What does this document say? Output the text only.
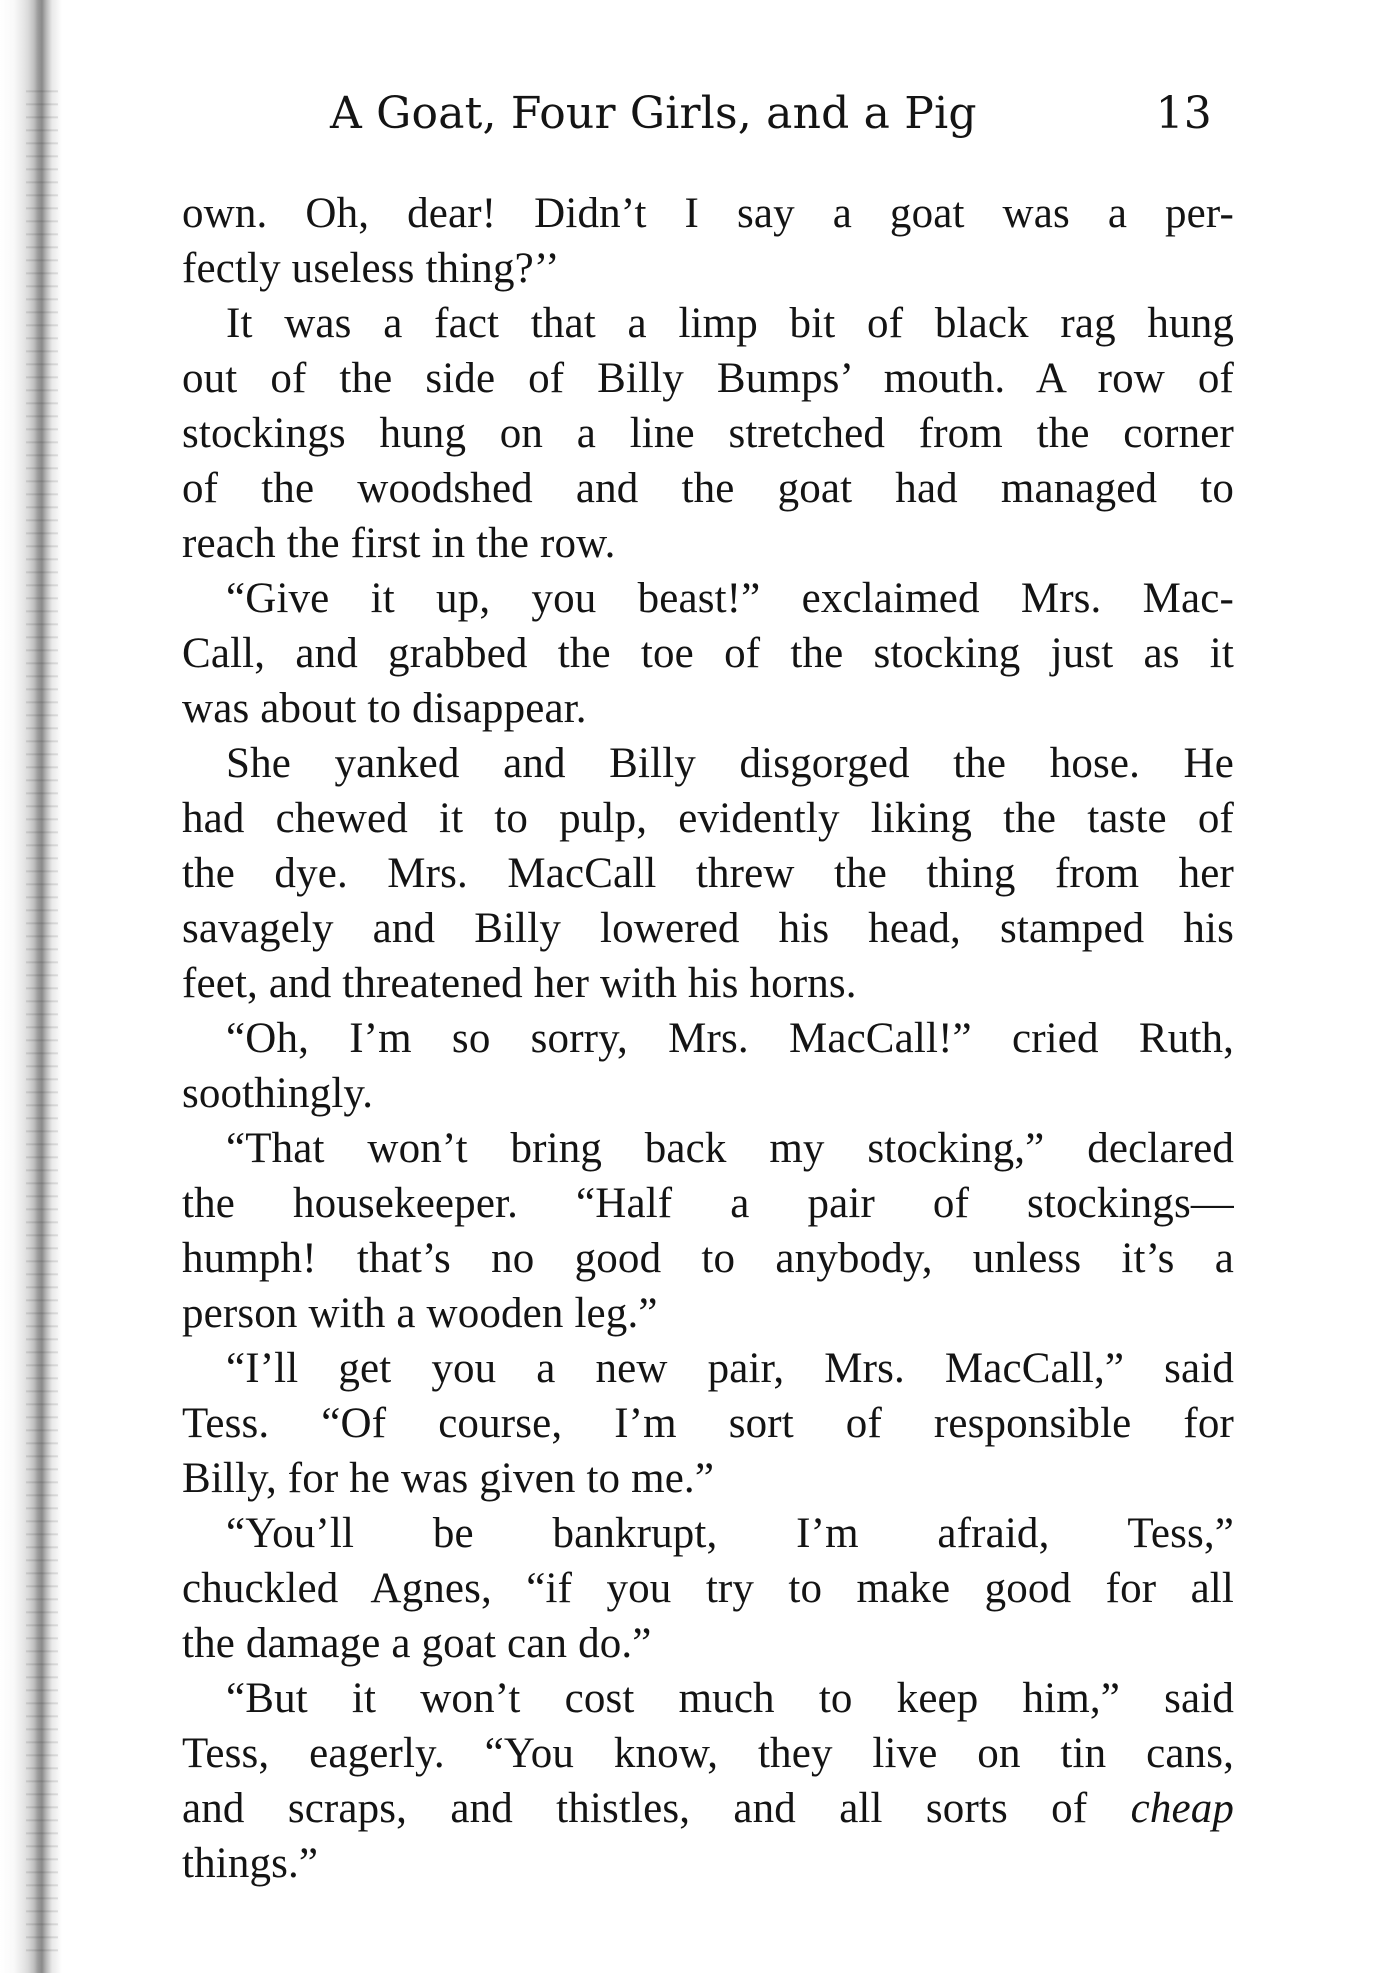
A Goat, Four Girls, and a Pig	13
own. Oh, dear! Didn’t I say a goat was a per-
fectly useless thing?’’
It was a fact that a limp bit of black rag hung
out of the side of Billy Bumps’ mouth. A row of
stockings hung on a line stretched from the corner
of the woodshed and the goat had managed to
reach the first in the row.
“Give it up, you beast!” exclaimed Mrs. Mac-
Call, and grabbed the toe of the stocking just as it
was about to disappear.
She yanked and Billy disgorged the hose. He
had chewed it to pulp, evidently liking the taste of
the dye. Mrs. MacCall threw the thing from her
savagely and Billy lowered his head, stamped his
feet, and threatened her with his horns.
“Oh, I’m so sorry, Mrs. MacCall!” cried Ruth,
soothingly.
“That won’t bring back my stocking,” declared
the housekeeper. “Half a pair of stockings—
humph! that’s no good to anybody, unless it’s a
person with a wooden leg.”
“I’ll get you a new pair, Mrs. MacCall,” said
Tess. “Of course, I’m sort of responsible for
Billy, for he was given to me.”
“You’ll be bankrupt, I’m afraid, Tess,”
chuckled Agnes, “if you try to make good for all
the damage a goat can do.”
“But it won’t cost much to keep him,” said
Tess, eagerly. “You know, they live on tin cans,
and scraps, and thistles, and all sorts of cheap
things.”
